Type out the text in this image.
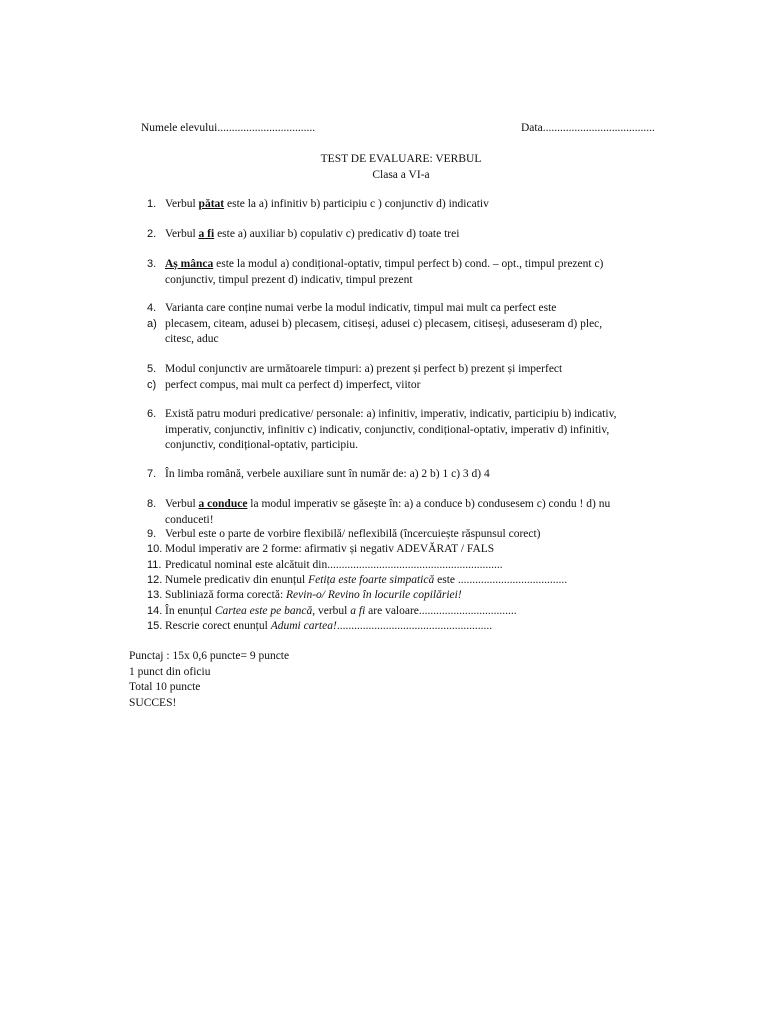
Numele elevului..................................	Data.......................................
TEST DE EVALUARE: VERBUL
Clasa a VI-a
1. Verbul pătat este la a) infinitiv b) participiu c ) conjunctiv d) indicativ
2. Verbul a fi este a) auxiliar b) copulativ c) predicativ d) toate trei
3. Aș mânca este la modul a) condițional-optativ, timpul perfect b) cond. – opt., timpul prezent c)
conjunctiv, timpul prezent d) indicativ, timpul prezent
4. Varianta care conține numai verbe la modul indicativ, timpul mai mult ca perfect este
a) plecasem, citeam, adusei b) plecasem, citiseși, adusei c) plecasem, citiseși, aduseseram d) plec,
citesc, aduc
5. Modul conjunctiv are următoarele timpuri: a) prezent și perfect b) prezent și imperfect
c) perfect compus, mai mult ca perfect d) imperfect, viitor
6. Există patru moduri predicative/ personale: a) infinitiv, imperativ, indicativ, participiu b) indicativ,
imperativ, conjunctiv, infinitiv c) indicativ, conjunctiv, condițional-optativ, imperativ d) infinitiv,
conjunctiv, condițional-optativ, participiu.
7. În limba română, verbele auxiliare sunt în număr de: a) 2 b) 1 c) 3 d) 4
8. Verbul a conduce la modul imperativ se găsește în: a) a conduce b) condusesem c) condu ! d) nu
conduceti!
9. Verbul este o parte de vorbire flexibilă/ neflexibilă (încercuiește răspunsul corect)
10. Modul imperativ are 2 forme: afirmativ și negativ ADEVĂRAT / FALS
11. Predicatul nominal este alcătuit din.............................................................
12. Numele predicativ din enunțul Fetița este foarte simpatică este ......................................
13. Subliniază forma corectă: Revin-o/ Revino în locurile copilăriei!
14. În enunțul Cartea este pe bancă, verbul a fi are valoare..................................
15. Rescrie corect enunțul Adumi cartea!......................................................
Punctaj : 15x 0,6 puncte= 9 puncte
1 punct din oficiu
Total 10 puncte
SUCCES!
